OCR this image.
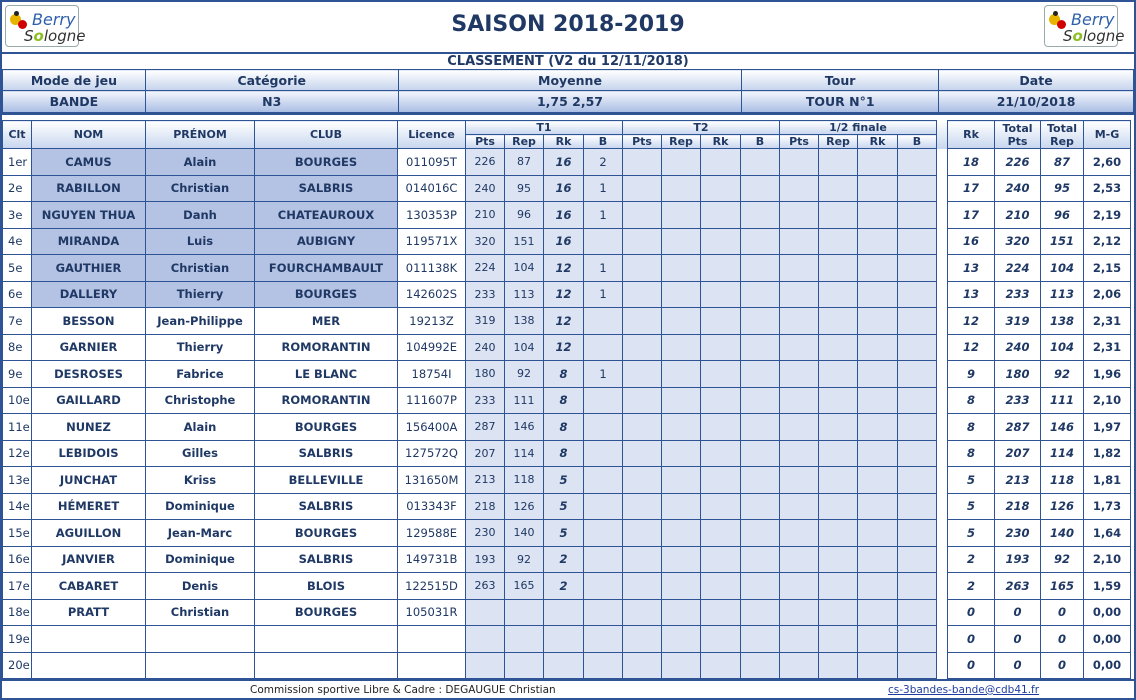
Berry
Sologne
Berry
Sologne
SAISON 2018-2019
CLASSEMENT (V2 du 12/11/2018)
Mode de jeu	Catégorie	Moyenne	Tour	Date
BANDE	N3	1,75 2,57	TOUR N°1	21/10/2018
Clt	NOM	PRÉNOM	CLUB	Licence	T1				T2				1/2 finale					Rk	Total Pts	Total Rep	M-G
					Pts	Rep	Rk	B	Pts	Rep	Rk	B	Pts	Rep	Rk	B					
1er	CAMUS	Alain	BOURGES	011095T	226	87	16	2										18	226	87	2,60
2e	RABILLON	Christian	SALBRIS	014016C	240	95	16	1										17	240	95	2,53
3e	NGUYEN THUA	Danh	CHATEAUROUX	130353P	210	96	16	1										17	210	96	2,19
4e	MIRANDA	Luis	AUBIGNY	119571X	320	151	16											16	320	151	2,12
5e	GAUTHIER	Christian	FOURCHAMBAULT	011138K	224	104	12	1										13	224	104	2,15
6e	DALLERY	Thierry	BOURGES	142602S	233	113	12	1										13	233	113	2,06
7e	BESSON	Jean-Philippe	MER	19213Z	319	138	12											12	319	138	2,31
8e	GARNIER	Thierry	ROMORANTIN	104992E	240	104	12											12	240	104	2,31
9e	DESROSES	Fabrice	LE BLANC	18754I	180	92	8	1										9	180	92	1,96
10e	GAILLARD	Christophe	ROMORANTIN	111607P	233	111	8											8	233	111	2,10
11e	NUNEZ	Alain	BOURGES	156400A	287	146	8											8	287	146	1,97
12e	LEBIDOIS	Gilles	SALBRIS	127572Q	207	114	8											8	207	114	1,82
13e	JUNCHAT	Kriss	BELLEVILLE	131650M	213	118	5											5	213	118	1,81
14e	HÉMERET	Dominique	SALBRIS	013343F	218	126	5											5	218	126	1,73
15e	AGUILLON	Jean-Marc	BOURGES	129588E	230	140	5											5	230	140	1,64
16e	JANVIER	Dominique	SALBRIS	149731B	193	92	2											2	193	92	2,10
17e	CABARET	Denis	BLOIS	122515D	263	165	2											2	263	165	1,59
18e	PRATT	Christian	BOURGES	105031R														0	0	0	0,00
19e																		0	0	0	0,00
20e																		0	0	0	0,00
Commission sportive Libre & Cadre : DEGAUGUE Christian	cs-3bandes-bande@cdb41.fr
